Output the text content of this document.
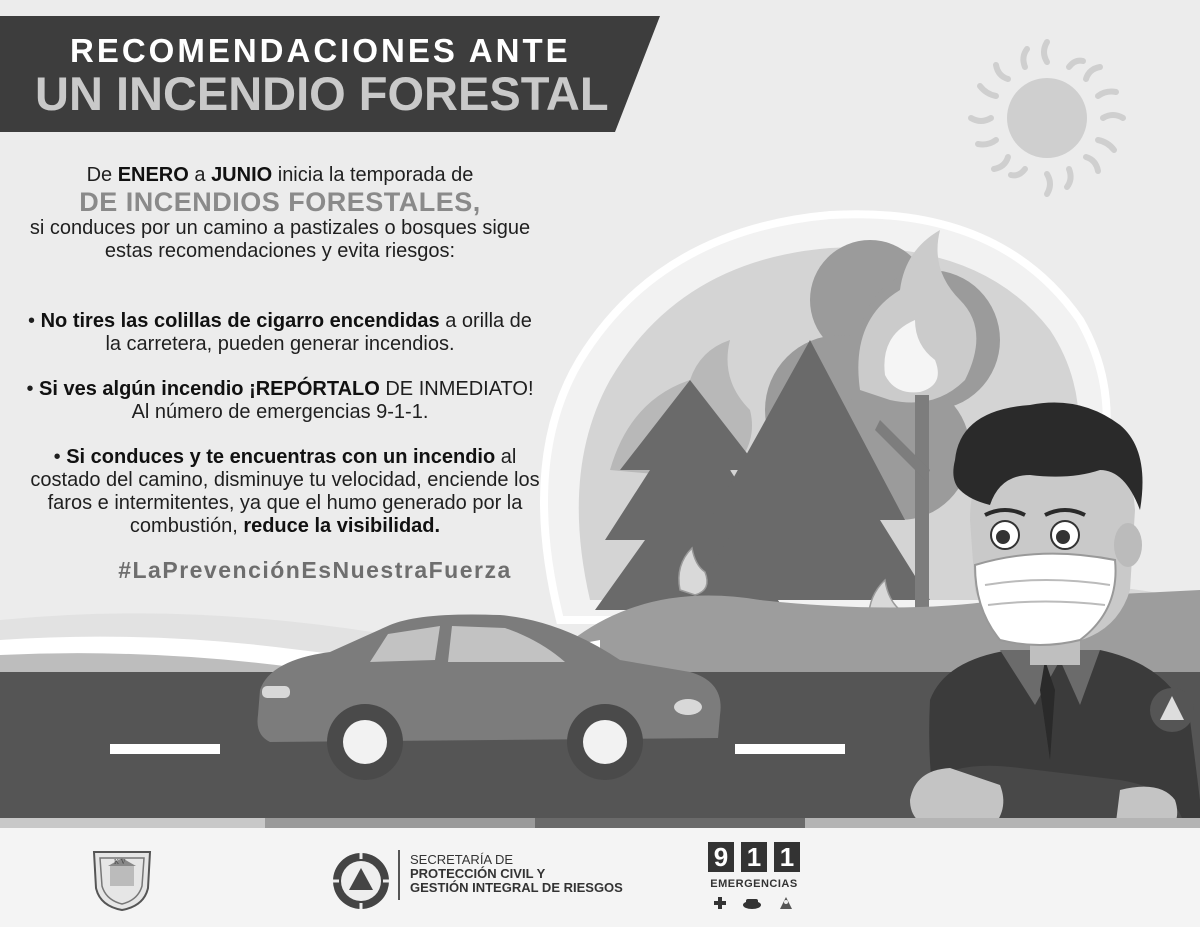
RECOMENDACIONES ANTE
UN INCENDIO FORESTAL
De ENERO a JUNIO inicia la temporada de
DE INCENDIOS FORESTALES,
si conduces por un camino a pastizales o bosques sigue estas recomendaciones y evita riesgos:
• No tires las colillas de cigarro encendidas a orilla de la carretera, pueden generar incendios.
• Si ves algún incendio ¡REPÓRTALO DE INMEDIATO! Al número de emergencias 9-1-1.
• Si conduces y te encuentras con un incendio al costado del camino, disminuye tu velocidad, enciende los faros e intermitentes, ya que el humo generado por la combustión, reduce la visibilidad.
#LaPrevenciónEsNuestraFuerza
K V	SECRETARÍA DE
PROTECCIÓN CIVIL Y
GESTIÓN INTEGRAL DE RIESGOS
9 1 1
EMERGENCIAS
